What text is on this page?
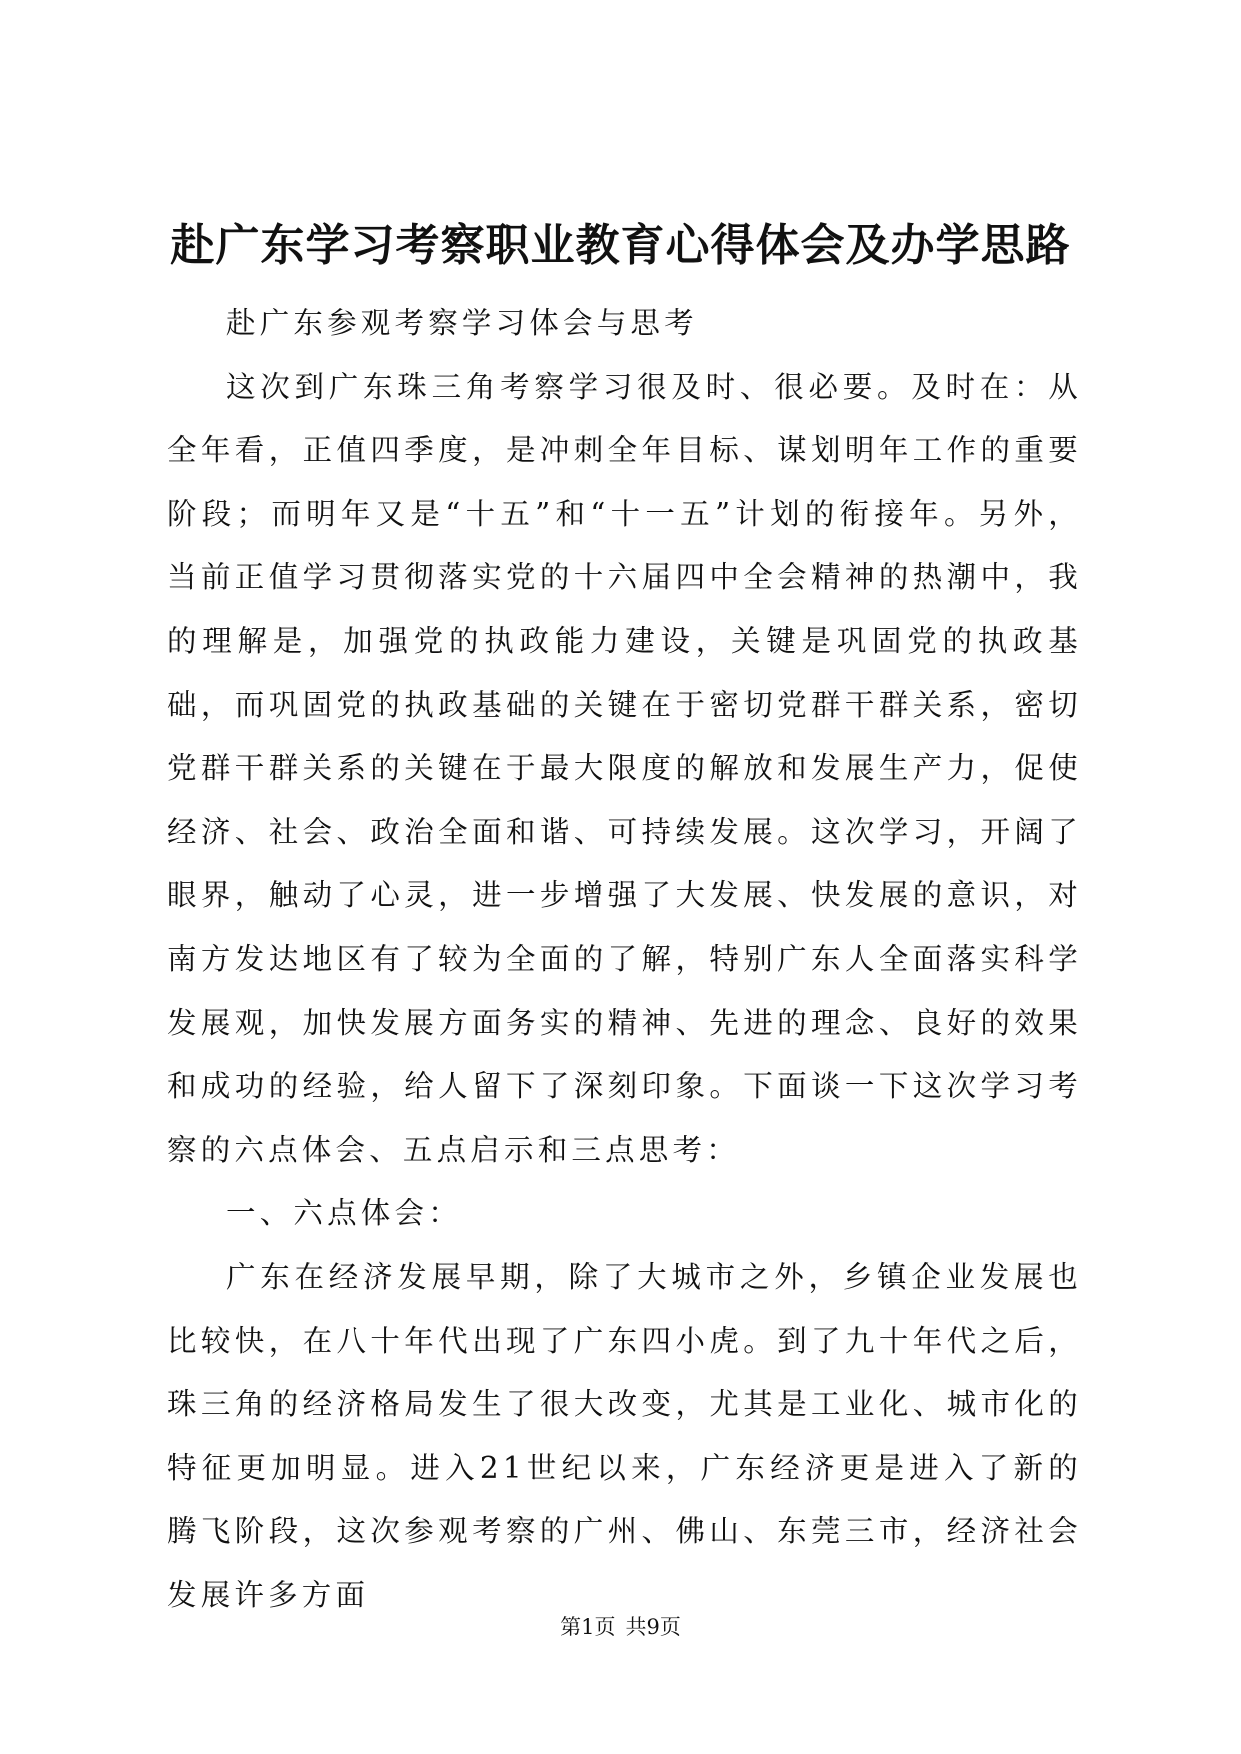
赴广东学习考察职业教育心得体会及办学思路

赴广东参观考察学习体会与思考

这次到广东珠三角考察学习很及时、很必要。及时在：从全年看，正值四季度，是冲刺全年目标、谋划明年工作的重要阶段；而明年又是“十五”和“十一五”计划的衔接年。另外，当前正值学习贯彻落实党的十六届四中全会精神的热潮中，我的理解是，加强党的执政能力建设，关键是巩固党的执政基础，而巩固党的执政基础的关键在于密切党群干群关系，密切党群干群关系的关键在于最大限度的解放和发展生产力，促使经济、社会、政治全面和谐、可持续发展。这次学习，开阔了眼界，触动了心灵，进一步增强了大发展、快发展的意识，对南方发达地区有了较为全面的了解，特别广东人全面落实科学发展观，加快发展方面务实的精神、先进的理念、良好的效果和成功的经验，给人留下了深刻印象。下面谈一下这次学习考察的六点体会、五点启示和三点思考：

一、六点体会：

广东在经济发展早期，除了大城市之外，乡镇企业发展也比较快，在八十年代出现了广东四小虎。到了九十年代之后，珠三角的经济格局发生了很大改变，尤其是工业化、城市化的特征更加明显。进入21世纪以来，广东经济更是进入了新的腾飞阶段，这次参观考察的广州、佛山、东莞三市，经济社会发展许多方面

第1页 共9页
